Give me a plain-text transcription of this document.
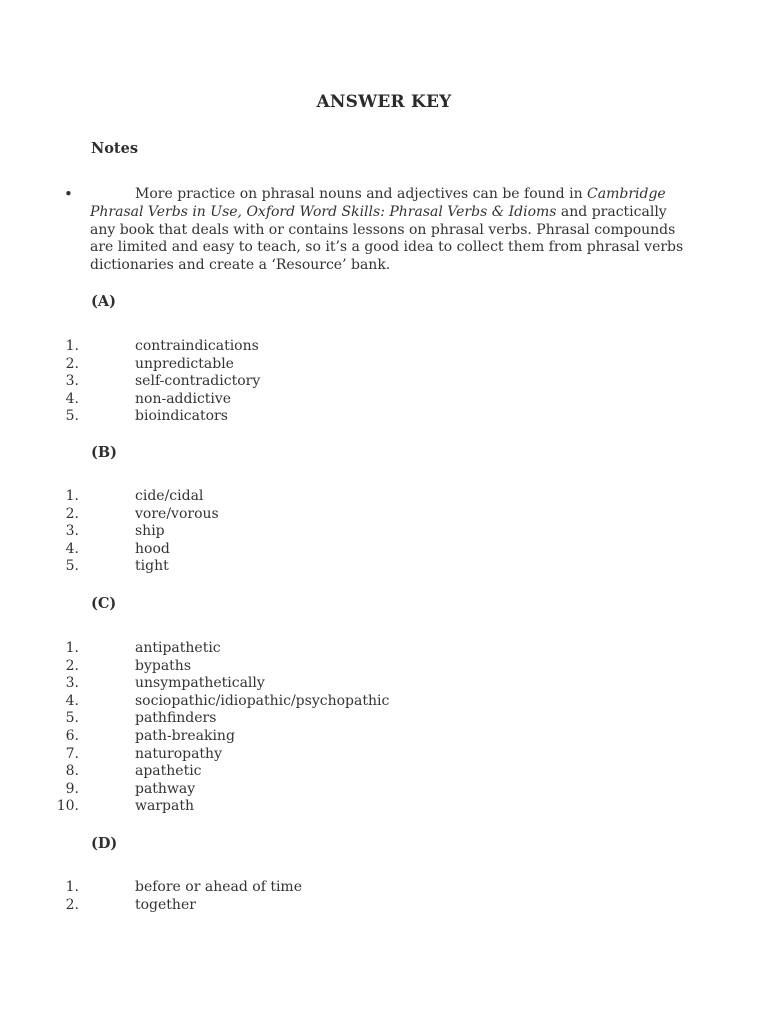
ANSWER KEY
Notes
•	More practice on phrasal nouns and adjectives can be found in Cambridge Phrasal Verbs in Use, Oxford Word Skills: Phrasal Verbs & Idioms and practically any book that deals with or contains lessons on phrasal verbs. Phrasal compounds are limited and easy to teach, so it’s a good idea to collect them from phrasal verbs dictionaries and create a ‘Resource’ bank.
(A)
1.	contraindications
2.	unpredictable
3.	self-contradictory
4.	non-addictive
5.	bioindicators
(B)
1.	cide/cidal
2.	vore/vorous
3.	ship
4.	hood
5.	tight
(C)
1.	antipathetic
2.	bypaths
3.	unsympathetically
4.	sociopathic/idiopathic/psychopathic
5.	pathfinders
6.	path-breaking
7.	naturopathy
8.	apathetic
9.	pathway
10.	warpath
(D)
1.	before or ahead of time
2.	together
